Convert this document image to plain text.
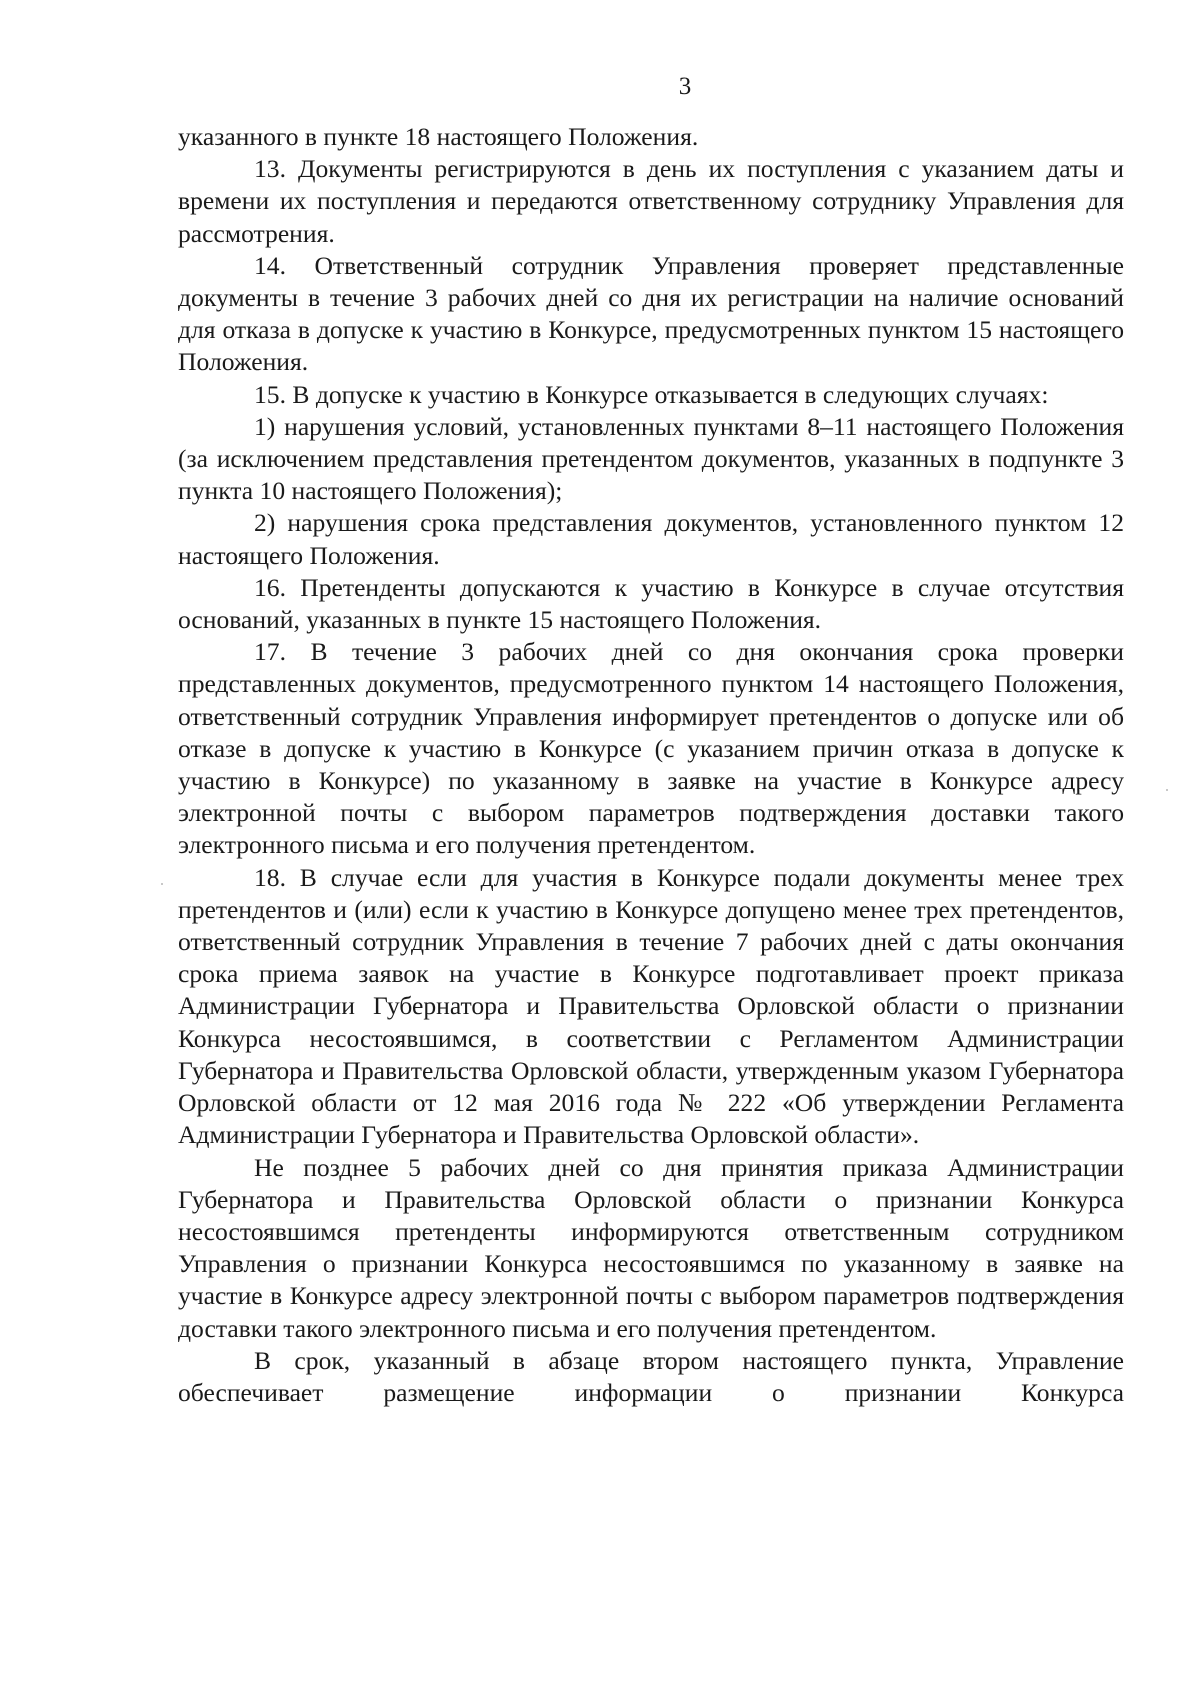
3

указанного в пункте 18 настоящего Положения.

13. Документы регистрируются в день их поступления с указанием даты и времени их поступления и передаются ответственному сотруднику Управления для рассмотрения.

14. Ответственный сотрудник Управления проверяет представленные документы в течение 3 рабочих дней со дня их регистрации на наличие оснований для отказа в допуске к участию в Конкурсе, предусмотренных пунктом 15 настоящего Положения.

15. В допуске к участию в Конкурсе отказывается в следующих случаях:

1) нарушения условий, установленных пунктами 8–11 настоящего Положения (за исключением представления претендентом документов, указанных в подпункте 3 пункта 10 настоящего Положения);

2) нарушения срока представления документов, установленного пунктом 12 настоящего Положения.

16. Претенденты допускаются к участию в Конкурсе в случае отсутствия оснований, указанных в пункте 15 настоящего Положения.

17. В течение 3 рабочих дней со дня окончания срока проверки представленных документов, предусмотренного пунктом 14 настоящего Положения, ответственный сотрудник Управления информирует претендентов о допуске или об отказе в допуске к участию в Конкурсе (с указанием причин отказа в допуске к участию в Конкурсе) по указанному в заявке на участие в Конкурсе адресу электронной почты с выбором параметров подтверждения доставки такого электронного письма и его получения претендентом.

18. В случае если для участия в Конкурсе подали документы менее трех претендентов и (или) если к участию в Конкурсе допущено менее трех претендентов, ответственный сотрудник Управления в течение 7 рабочих дней с даты окончания срока приема заявок на участие в Конкурсе подготавливает проект приказа Администрации Губернатора и Правительства Орловской области о признании Конкурса несостоявшимся, в соответствии с Регламентом Администрации Губернатора и Правительства Орловской области, утвержденным указом Губернатора Орловской области от 12 мая 2016 года № 222 «Об утверждении Регламента Администрации Губернатора и Правительства Орловской области».

Не позднее 5 рабочих дней со дня принятия приказа Администрации Губернатора и Правительства Орловской области о признании Конкурса несостоявшимся претенденты информируются ответственным сотрудником Управления о признании Конкурса несостоявшимся по указанному в заявке на участие в Конкурсе адресу электронной почты с выбором параметров подтверждения доставки такого электронного письма и его получения претендентом.

В срок, указанный в абзаце втором настоящего пункта, Управление обеспечивает размещение информации о признании Конкурса
